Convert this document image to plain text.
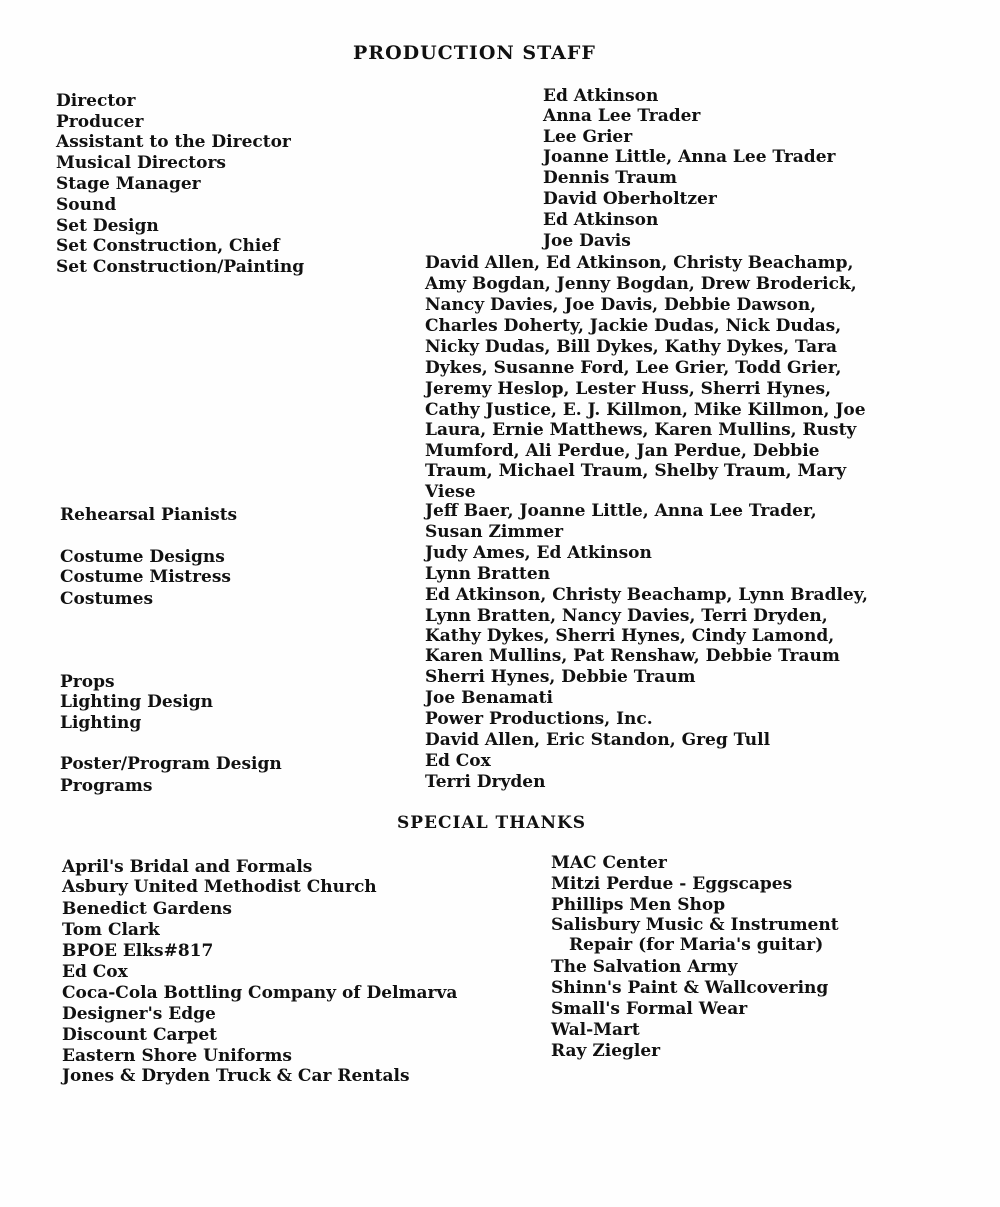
PRODUCTION STAFF
Director
Producer
Assistant to the Director
Musical Directors
Stage Manager
Sound
Set Design
Set Construction, Chief
Set Construction/Painting
Rehearsal Pianists
Costume Designs
Costume Mistress
Costumes
Props
Lighting Design
Lighting
Poster/Program Design
Programs
Ed Atkinson
Anna Lee Trader
Lee Grier
Joanne Little, Anna Lee Trader
Dennis Traum
David Oberholtzer
Ed Atkinson
Joe Davis
David Allen, Ed Atkinson, Christy Beachamp,
Amy Bogdan, Jenny Bogdan, Drew Broderick,
Nancy Davies, Joe Davis, Debbie Dawson,
Charles Doherty, Jackie Dudas, Nick Dudas,
Nicky Dudas, Bill Dykes, Kathy Dykes, Tara
Dykes, Susanne Ford, Lee Grier, Todd Grier,
Jeremy Heslop, Lester Huss, Sherri Hynes,
Cathy Justice, E. J. Killmon, Mike Killmon, Joe
Laura, Ernie Matthews, Karen Mullins, Rusty
Mumford, Ali Perdue, Jan Perdue, Debbie
Traum, Michael Traum, Shelby Traum, Mary
Viese
Jeff Baer, Joanne Little, Anna Lee Trader,
Susan Zimmer
Judy Ames, Ed Atkinson
Lynn Bratten
Ed Atkinson, Christy Beachamp, Lynn Bradley,
Lynn Bratten, Nancy Davies, Terri Dryden,
Kathy Dykes, Sherri Hynes, Cindy Lamond,
Karen Mullins, Pat Renshaw, Debbie Traum
Sherri Hynes, Debbie Traum
Joe Benamati
Power Productions, Inc.
David Allen, Eric Standon, Greg Tull
Ed Cox
Terri Dryden
SPECIAL THANKS
April's Bridal and Formals
Asbury United Methodist Church
Benedict Gardens
Tom Clark
BPOE Elks#817
Ed Cox
Coca-Cola Bottling Company of Delmarva
Designer's Edge
Discount Carpet
Eastern Shore Uniforms
Jones & Dryden Truck & Car Rentals
MAC Center
Mitzi Perdue - Eggscapes
Phillips Men Shop
Salisbury Music & Instrument
Repair (for Maria's guitar)
The Salvation Army
Shinn's Paint & Wallcovering
Small's Formal Wear
Wal-Mart
Ray Ziegler
